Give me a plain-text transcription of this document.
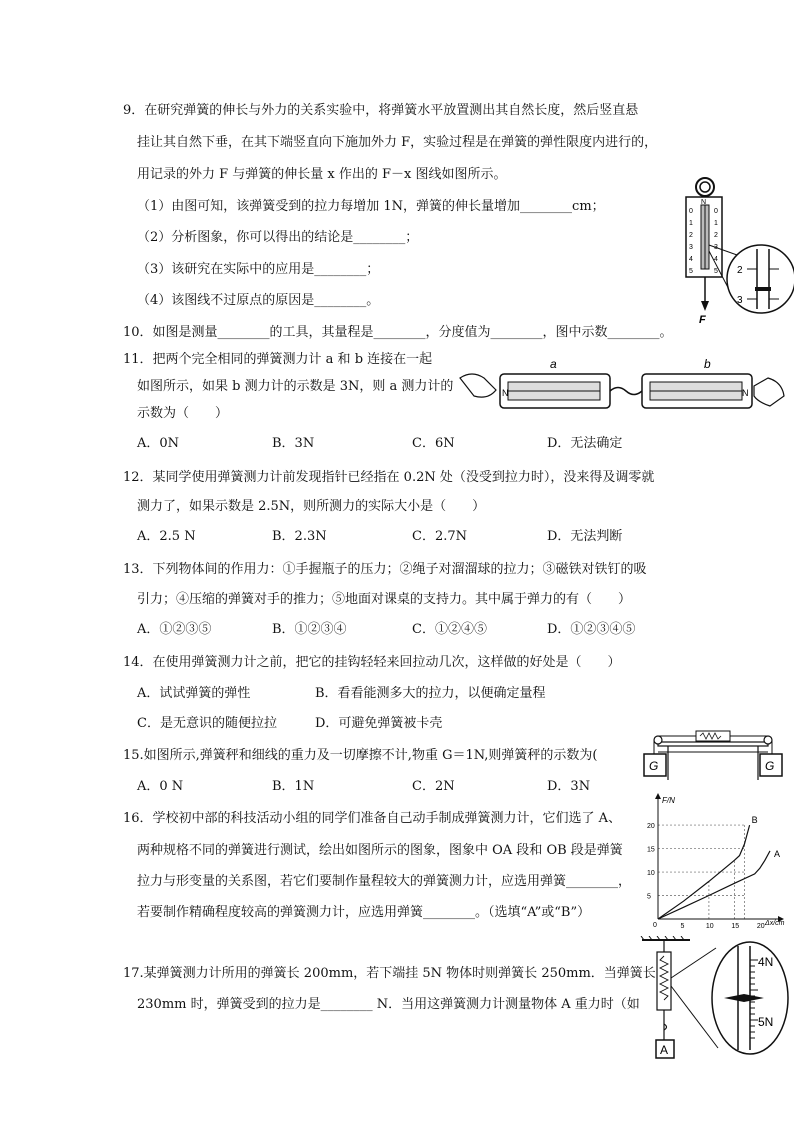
9．在研究弹簧的伸长与外力的关系实验中，将弹簧水平放置测出其自然长度，然后竖直悬
挂让其自然下垂，在其下端竖直向下施加外力 F，实验过程是在弹簧的弹性限度内进行的，
用记录的外力 F 与弹簧的伸长量 x 作出的 F－x 图线如图所示。
（1）由图可知，该弹簧受到的拉力每增加 1N，弹簧的伸长量增加________cm；
（2）分析图象，你可以得出的结论是________；
（3）该研究在实际中的应用是________；
（4）该图线不过原点的原因是________。
N
0
1
2
3
4
5
0
1
2
4
5
F
2
3
10．如图是测量________的工具，其量程是________，分度值为________，图中示数________。
11．把两个完全相同的弹簧测力计 a 和 b 连接在一起
如图所示，如果 b 测力计的示数是 3N，则 a 测力计的
示数为（　　）
A．0N	B．3N	C．6N	D．无法确定
N
a
N
b
12．某同学使用弹簧测力计前发现指针已经指在 0.2N 处（没受到拉力时），没来得及调零就
测力了，如果示数是 2.5N，则所测力的实际大小是（　　）
A．2.5 N	B．2.3N	C．2.7N	D．无法判断
13．下列物体间的作用力：①手握瓶子的压力；②绳子对溜溜球的拉力；③磁铁对铁钉的吸
引力；④压缩的弹簧对手的推力；⑤地面对课桌的支持力。其中属于弹力的有（　　）
A．①②③⑤	B．①②③④	C．①②④⑤	D．①②③④⑤
14．在使用弹簧测力计之前，把它的挂钩轻轻来回拉动几次，这样做的好处是（　　）
A．试试弹簧的弹性	B．看看能测多大的拉力，以便确定量程
C．是无意识的随便拉拉	D．可避免弹簧被卡壳
15.如图所示,弹簧秤和细线的重力及一切摩擦不计,物重 G＝1N,则弹簧秤的示数为(
A．0 N	B．1N	C．2N	D．3N
G	G
16．学校初中部的科技活动小组的同学们准备自己动手制成弹簧测力计，它们选了 A、
两种规格不同的弹簧进行测试，绘出如图所示的图象，图象中 OA 段和 OB 段是弹簧
拉力与形变量的关系图，若它们要制作量程较大的弹簧测力计，应选用弹簧________，
若要制作精确程度较高的弹簧测力计，应选用弹簧________。（选填“A”或“B”）
F/N
Δx/cm
0	5	10	15	20
5
10
15
20
B
A
17.某弹簧测力计所用的弹簧长 200mm，若下端挂 5N 物体时则弹簧长 250mm．当弹簧长
230mm 时，弹簧受到的拉力是________ N．当用这弹簧测力计测量物体 A 重力时（如
A
4N
5N
